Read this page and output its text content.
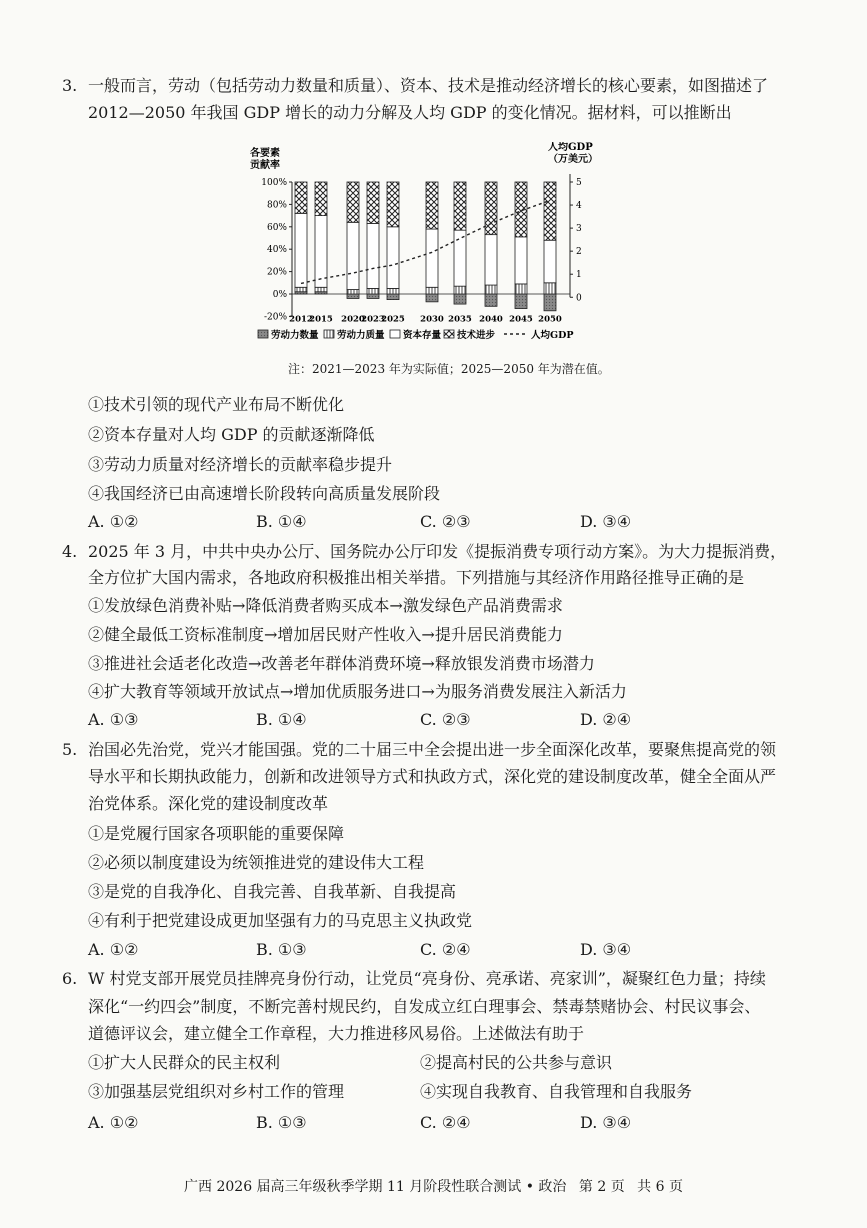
3. 一般而言，劳动（包括劳动力数量和质量）、资本、技术是推动经济增长的核心要素，如图描述了
2012—2050 年我国 GDP 增长的动力分解及人均 GDP 的变化情况。据材料，可以推断出
各要素
贡献率
人均GDP
（万美元）
-20%
0%
20%
40%
60%
80%
100%
0
1
2
3
4
5
2012
2015 2020
2023
2025 2030 2035 2040 2045 2050
劳动力数量 劳动力质量 资本存量 技术进步	人均GDP
注：2021—2023 年为实际值；2025—2050 年为潜在值。
①技术引领的现代产业布局不断优化
②资本存量对人均 GDP 的贡献逐渐降低
③劳动力质量对经济增长的贡献率稳步提升
④我国经济已由高速增长阶段转向高质量发展阶段
A. ①②	B. ①④	C. ②③	D. ③④
4. 2025 年 3 月，中共中央办公厅、国务院办公厅印发《提振消费专项行动方案》。为大力提振消费，
全方位扩大国内需求，各地政府积极推出相关举措。下列措施与其经济作用路径推导正确的是
①发放绿色消费补贴→降低消费者购买成本→激发绿色产品消费需求
②健全最低工资标准制度→增加居民财产性收入→提升居民消费能力
③推进社会适老化改造→改善老年群体消费环境→释放银发消费市场潜力
④扩大教育等领域开放试点→增加优质服务进口→为服务消费发展注入新活力
A. ①③	B. ①④	C. ②③	D. ②④
5. 治国必先治党，党兴才能国强。党的二十届三中全会提出进一步全面深化改革，要聚焦提高党的领
导水平和长期执政能力，创新和改进领导方式和执政方式，深化党的建设制度改革，健全全面从严
治党体系。深化党的建设制度改革
①是党履行国家各项职能的重要保障
②必须以制度建设为统领推进党的建设伟大工程
③是党的自我净化、自我完善、自我革新、自我提高
④有利于把党建设成更加坚强有力的马克思主义执政党
A. ①②	B. ①③	C. ②④	D. ③④
6. W 村党支部开展党员挂牌亮身份行动，让党员“亮身份、亮承诺、亮家训”，凝聚红色力量；持续
深化“一约四会”制度，不断完善村规民约，自发成立红白理事会、禁毒禁赌协会、村民议事会、
道德评议会，建立健全工作章程，大力推进移风易俗。上述做法有助于
①扩大人民群众的民主权利	②提高村民的公共参与意识
③加强基层党组织对乡村工作的管理	④实现自我教育、自我管理和自我服务
A. ①②	B. ①③	C. ②④	D. ③④
广西 2026 届高三年级秋季学期 11 月阶段性联合测试 • 政治 第 2 页 共 6 页
